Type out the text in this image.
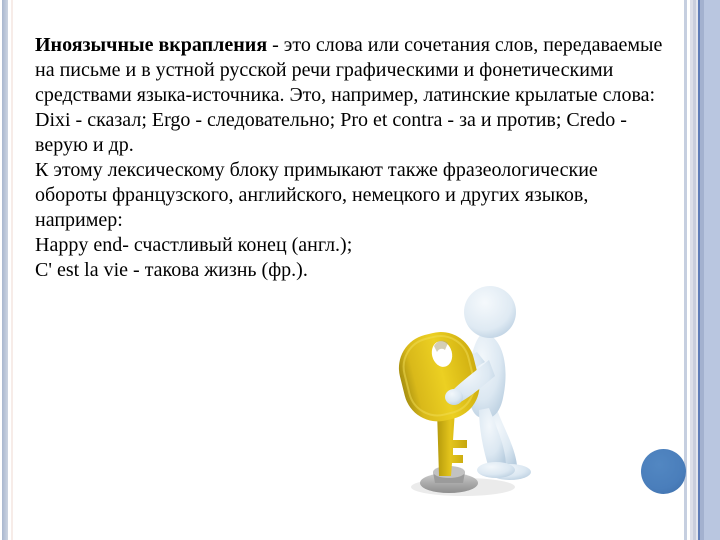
Иноязычные вкрапления - это слова или сочетания слов, передаваемые
на письме и в устной русской речи графическими и фонетическими
средствами языка-источника. Это, например, латинские крылатые слова:
Dixi - сказал; Ergo - следовательно; Pro et contra - за и против; Credo -
верую и др.
К этому лексическому блоку примыкают также фразеологические
обороты французского, английского, немецкого и других языков,
например:
Happy end- счастливый конец (англ.);
C' est la vie - такова жизнь (фр.).
